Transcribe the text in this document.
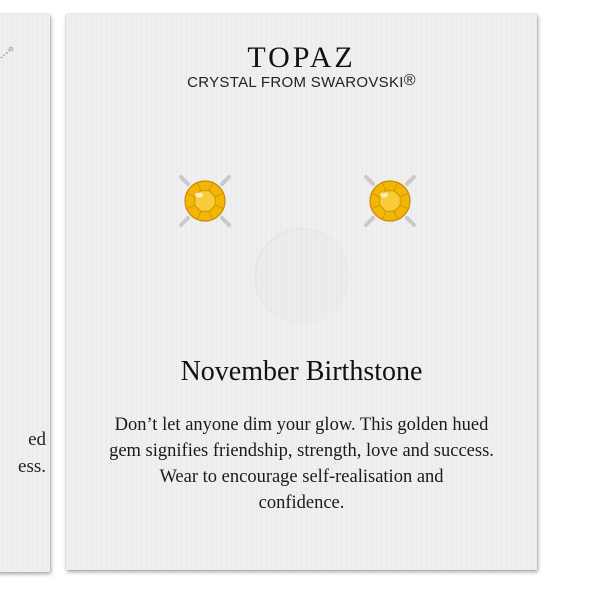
ed
ess.
TOPAZ
CRYSTAL FROM SWAROVSKI®
November Birthstone
Don’t let anyone dim your glow. This golden hued
gem signifies friendship, strength, love and success.
Wear to encourage self-realisation and
confidence.
